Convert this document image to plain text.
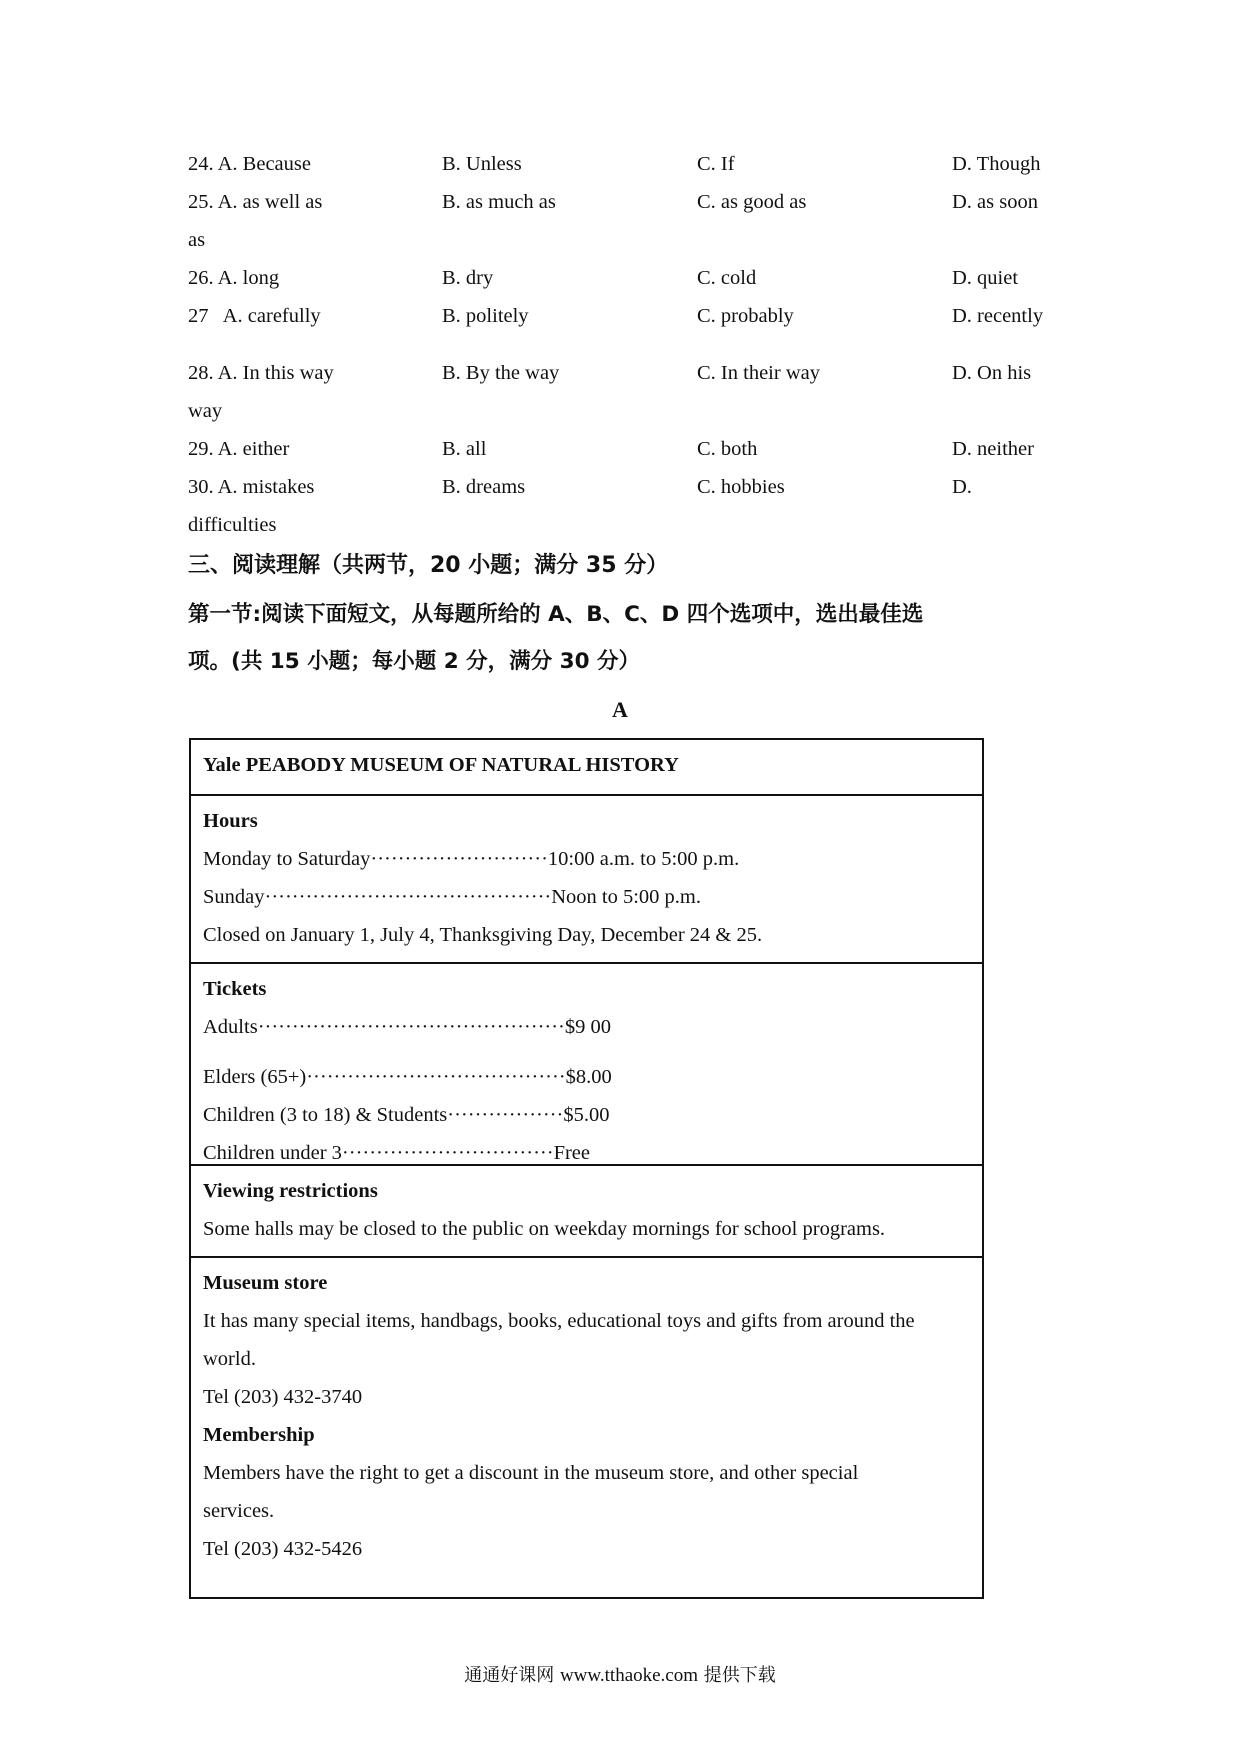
24. A. Because	B. Unless	C. If	D. Though
25. A. as well as	B. as much as	C. as good as	D. as soon
as
26. A. long	B. dry	C. cold	D. quiet
27   A. carefully	B. politely	C. probably	D. recently
28. A. In this way	B. By the way	C. In their way	D. On his
way
29. A. either	B. all	C. both	D. neither
30. A. mistakes	B. dreams	C. hobbies	D.
difficulties
三、阅读理解（共两节，20 小题；满分 35 分）
第一节:阅读下面短文，从每题所给的 A、B、C、D 四个选项中，选出最佳选
项。(共 15 小题；每小题 2 分，满分 30 分）
A
Yale PEABODY MUSEUM OF NATURAL HISTORY
Hours
Monday to Saturday··························10:00 a.m. to 5:00 p.m.
Sunday··········································Noon to 5:00 p.m.
Closed on January 1, July 4, Thanksgiving Day, December 24 & 25.
Tickets
Adults·············································$9 00
Elders (65+)······································$8.00
Children (3 to 18) & Students·················$5.00
Children under 3·······························Free
Viewing restrictions
Some halls may be closed to the public on weekday mornings for school programs.
Museum store
It has many special items, handbags, books, educational toys and gifts from around the
world.
Tel (203) 432-3740
Membership
Members have the right to get a discount in the museum store, and other special
services.
Tel (203) 432-5426
通通好课网 www.tthaoke.com 提供下载
